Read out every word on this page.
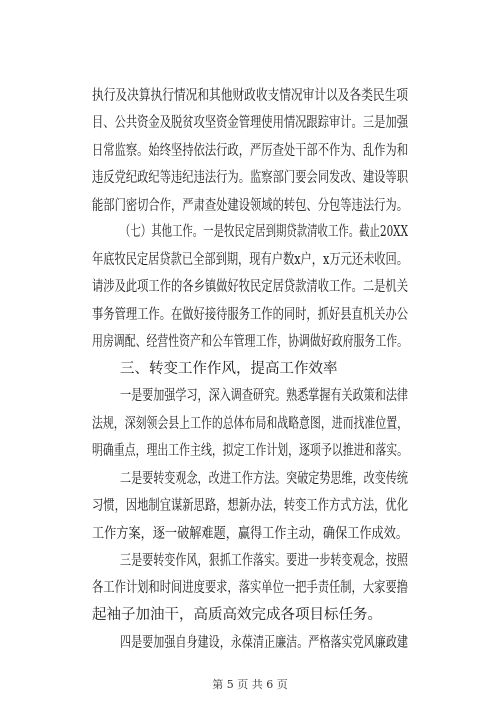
执行及决算执行情况和其他财政收支情况审计以及各类民生项
目、公共资金及脱贫攻坚资金管理使用情况跟踪审计。三是加强
日常监察。始终坚持依法行政，严厉查处干部不作为、乱作为和
违反党纪政纪等违纪违法行为。监察部门要会同发改、建设等职
能部门密切合作，严肃查处建设领域的转包、分包等违法行为。
（七）其他工作。一是牧民定居到期贷款清收工作。截止20XX
年底牧民定居贷款已全部到期，现有户数x户，x万元还未收回。
请涉及此项工作的各乡镇做好牧民定居贷款清收工作。二是机关
事务管理工作。在做好接待服务工作的同时，抓好县直机关办公
用房调配、经营性资产和公车管理工作，协调做好政府服务工作。
三、转变工作作风，提高工作效率
一是要加强学习，深入调查研究。熟悉掌握有关政策和法律
法规，深刻领会县上工作的总体布局和战略意图，进而找准位置，
明确重点，理出工作主线，拟定工作计划，逐项予以推进和落实。
二是要转变观念，改进工作方法。突破定势思维，改变传统
习惯，因地制宜谋新思路，想新办法，转变工作方式方法，优化
工作方案，逐一破解难题，赢得工作主动，确保工作成效。
三是要转变作风，狠抓工作落实。要进一步转变观念，按照
各工作计划和时间进度要求，落实单位一把手责任制，大家要撸
起袖子加油干，高质高效完成各项目标任务。
四是要加强自身建设，永葆清正廉洁。严格落实党风廉政建
第 5 页 共 6 页
